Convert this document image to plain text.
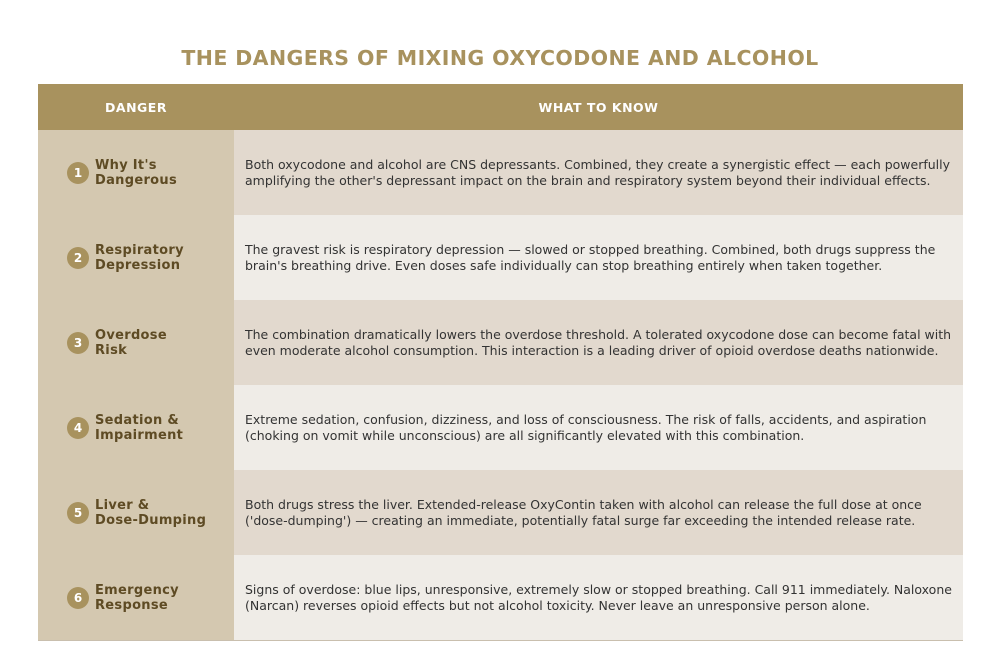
THE DANGERS OF MIXING OXYCODONE AND ALCOHOL
DANGER	WHAT TO KNOW
1 Why It's
Dangerous
Both oxycodone and alcohol are CNS depressants. Combined, they create a synergistic effect — each powerfully amplifying the other's depressant impact on the brain and respiratory system beyond their individual effects.
2 Respiratory
Depression
The gravest risk is respiratory depression — slowed or stopped breathing. Combined, both drugs suppress the brain's breathing drive. Even doses safe individually can stop breathing entirely when taken together.
3 Overdose
Risk
The combination dramatically lowers the overdose threshold. A tolerated oxycodone dose can become fatal with even moderate alcohol consumption. This interaction is a leading driver of opioid overdose deaths nationwide.
4 Sedation &
Impairment
Extreme sedation, confusion, dizziness, and loss of consciousness. The risk of falls, accidents, and aspiration (choking on vomit while unconscious) are all significantly elevated with this combination.
5 Liver &
Dose-Dumping
Both drugs stress the liver. Extended-release OxyContin taken with alcohol can release the full dose at once ('dose-dumping') — creating an immediate, potentially fatal surge far exceeding the intended release rate.
6 Emergency
Response
Signs of overdose: blue lips, unresponsive, extremely slow or stopped breathing. Call 911 immediately. Naloxone (Narcan) reverses opioid effects but not alcohol toxicity. Never leave an unresponsive person alone.
